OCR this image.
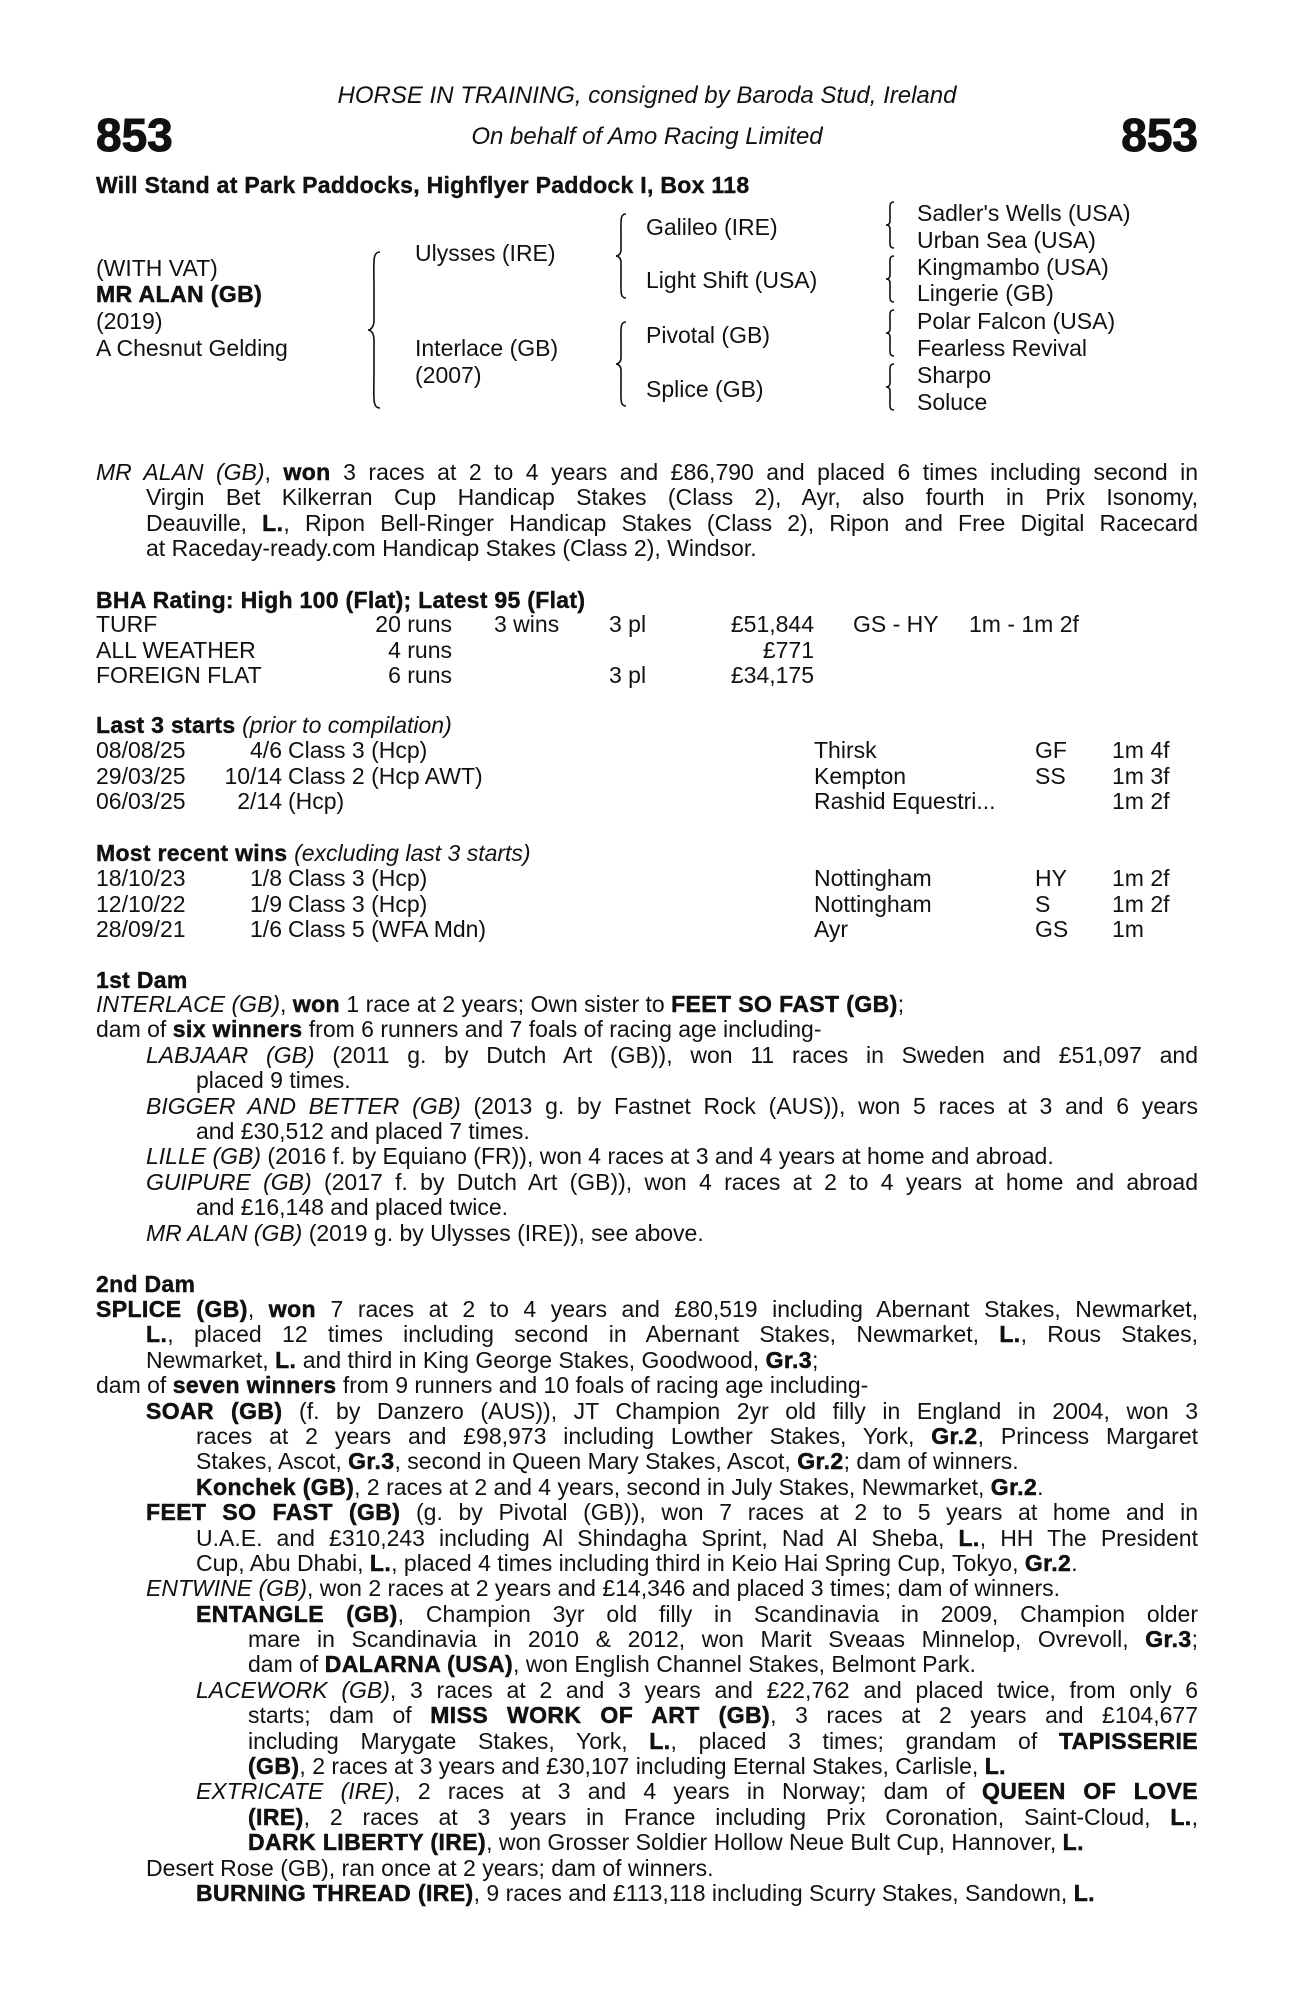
HORSE IN TRAINING, consigned by Baroda Stud, Ireland
On behalf of Amo Racing Limited
853	853
Will Stand at Park Paddocks, Highflyer Paddock I, Box 118
(WITH VAT)
MR ALAN (GB)
(2019)
A Chesnut Gelding
Ulysses (IRE)
Interlace (GB)
(2007)
Galileo (IRE)
Light Shift (USA)
Pivotal (GB)
Splice (GB)
Sadler's Wells (USA)
Urban Sea (USA)
Kingmambo (USA)
Lingerie (GB)
Polar Falcon (USA)
Fearless Revival
Sharpo
Soluce
MR ALAN (GB), won 3 races at 2 to 4 years and £86,790 and placed 6 times including second in
Virgin Bet Kilkerran Cup Handicap Stakes (Class 2), Ayr, also fourth in Prix Isonomy,
Deauville, L., Ripon Bell-Ringer Handicap Stakes (Class 2), Ripon and Free Digital Racecard
at Raceday-ready.com Handicap Stakes (Class 2), Windsor.
BHA Rating: High 100 (Flat); Latest 95 (Flat)
TURF	20 runs 3 wins 3 pl	£51,844 GS - HY 1m - 1m 2f
ALL WEATHER	4 runs	£771
FOREIGN FLAT	6 runs	3 pl	£34,175
Last 3 starts (prior to compilation)
08/08/25	4/6 Class 3 (Hcp)	Thirsk	GF 1m 4f
29/03/25 10/14 Class 2 (Hcp AWT)	Kempton	SS 1m 3f
06/03/25 2/14 (Hcp)	Rashid Equestri...	1m 2f
Most recent wins (excluding last 3 starts)
18/10/23	1/8 Class 3 (Hcp)	Nottingham	HY 1m 2f
12/10/22	1/9 Class 3 (Hcp)	Nottingham	S	1m 2f
28/09/21	1/6 Class 5 (WFA Mdn)	Ayr	GS 1m
1st Dam
INTERLACE (GB), won 1 race at 2 years; Own sister to FEET SO FAST (GB);
dam of six winners from 6 runners and 7 foals of racing age including-
LABJAAR (GB) (2011 g. by Dutch Art (GB)), won 11 races in Sweden and £51,097 and
placed 9 times.
BIGGER AND BETTER (GB) (2013 g. by Fastnet Rock (AUS)), won 5 races at 3 and 6 years
and £30,512 and placed 7 times.
LILLE (GB) (2016 f. by Equiano (FR)), won 4 races at 3 and 4 years at home and abroad.
GUIPURE (GB) (2017 f. by Dutch Art (GB)), won 4 races at 2 to 4 years at home and abroad
and £16,148 and placed twice.
MR ALAN (GB) (2019 g. by Ulysses (IRE)), see above.
2nd Dam
SPLICE (GB), won 7 races at 2 to 4 years and £80,519 including Abernant Stakes, Newmarket,
L., placed 12 times including second in Abernant Stakes, Newmarket, L., Rous Stakes,
Newmarket, L. and third in King George Stakes, Goodwood, Gr.3;
dam of seven winners from 9 runners and 10 foals of racing age including-
SOAR (GB) (f. by Danzero (AUS)), JT Champion 2yr old filly in England in 2004, won 3
races at 2 years and £98,973 including Lowther Stakes, York, Gr.2, Princess Margaret
Stakes, Ascot, Gr.3, second in Queen Mary Stakes, Ascot, Gr.2; dam of winners.
Konchek (GB), 2 races at 2 and 4 years, second in July Stakes, Newmarket, Gr.2.
FEET SO FAST (GB) (g. by Pivotal (GB)), won 7 races at 2 to 5 years at home and in
U.A.E. and £310,243 including Al Shindagha Sprint, Nad Al Sheba, L., HH The President
Cup, Abu Dhabi, L., placed 4 times including third in Keio Hai Spring Cup, Tokyo, Gr.2.
ENTWINE (GB), won 2 races at 2 years and £14,346 and placed 3 times; dam of winners.
ENTANGLE (GB), Champion 3yr old filly in Scandinavia in 2009, Champion older
mare in Scandinavia in 2010 & 2012, won Marit Sveaas Minnelop, Ovrevoll, Gr.3;
dam of DALARNA (USA), won English Channel Stakes, Belmont Park.
LACEWORK (GB), 3 races at 2 and 3 years and £22,762 and placed twice, from only 6
starts; dam of MISS WORK OF ART (GB), 3 races at 2 years and £104,677
including Marygate Stakes, York, L., placed 3 times; grandam of TAPISSERIE
(GB), 2 races at 3 years and £30,107 including Eternal Stakes, Carlisle, L.
EXTRICATE (IRE), 2 races at 3 and 4 years in Norway; dam of QUEEN OF LOVE
(IRE), 2 races at 3 years in France including Prix Coronation, Saint-Cloud, L.,
DARK LIBERTY (IRE), won Grosser Soldier Hollow Neue Bult Cup, Hannover, L.
Desert Rose (GB), ran once at 2 years; dam of winners.
BURNING THREAD (IRE), 9 races and £113,118 including Scurry Stakes, Sandown, L.
